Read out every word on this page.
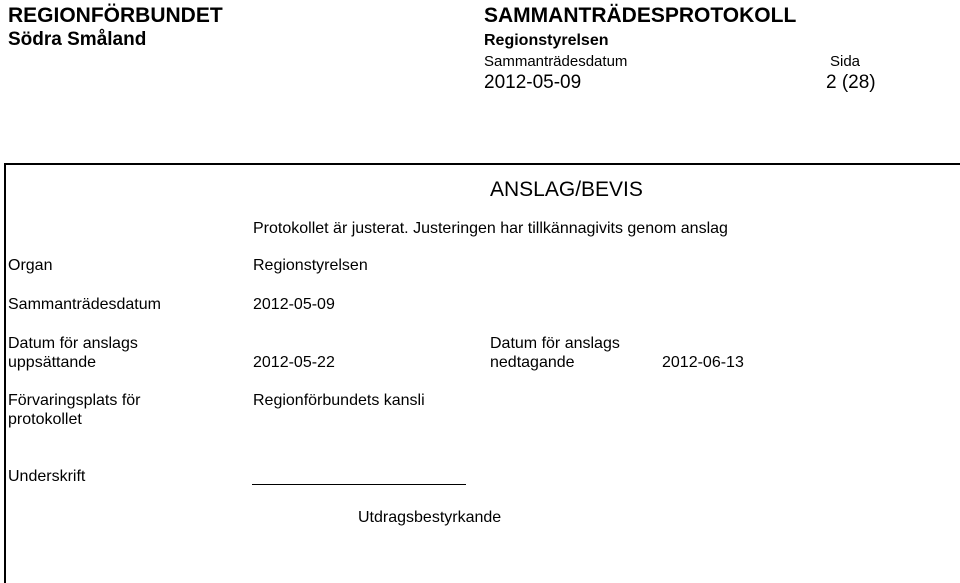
REGIONFÖRBUNDET
Södra Småland
SAMMANTRÄDESPROTOKOLL
Regionstyrelsen
Sammanträdesdatum	Sida
2012-05-09	2 (28)
ANSLAG/BEVIS
Protokollet är justerat. Justeringen har tillkännagivits genom anslag
Organ	Regionstyrelsen
Sammanträdesdatum	2012-05-09
Datum för anslags
uppsättande	2012-05-22
Datum för anslags
nedtagande	2012-06-13
Förvaringsplats för
protokollet
Regionförbundets kansli
Underskrift
Utdragsbestyrkande
